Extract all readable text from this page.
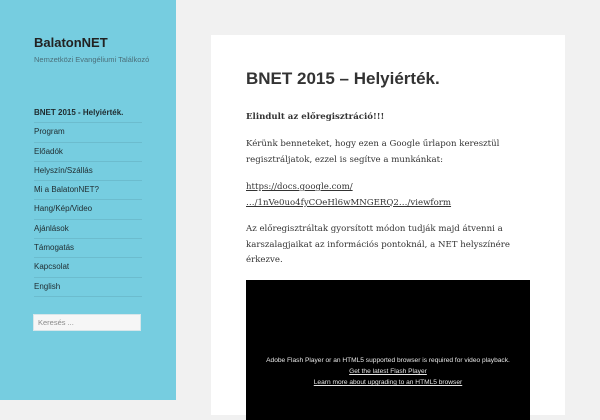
BalatonNET
Nemzetközi Evangéliumi Találkozó
BNET 2015 - Helyiérték.
Program
Előadók
Helyszín/Szállás
Mi a BalatonNET?
Hang/Kép/Video
Ajánlások
Támogatás
Kapcsolat
English
Keresés ...
BNET 2015 – Helyiérték.

Elindult az előregisztráció!!!

Kérünk benneteket, hogy ezen a Google űrlapon keresztül regisztráljatok, ezzel is segítve a munkánkat:

https://docs.google.com/
…/1nVe0uo4fyCOeHl6wMNGERQ2…/viewform

Az előregisztráltak gyorsított módon tudják majd átvenni a karszalagjaikat az információs pontoknál, a NET helyszínére érkezve.

Adobe Flash Player or an HTML5 supported browser is required for video playback.
Get the latest Flash Player
Learn more about upgrading to an HTML5 browser
